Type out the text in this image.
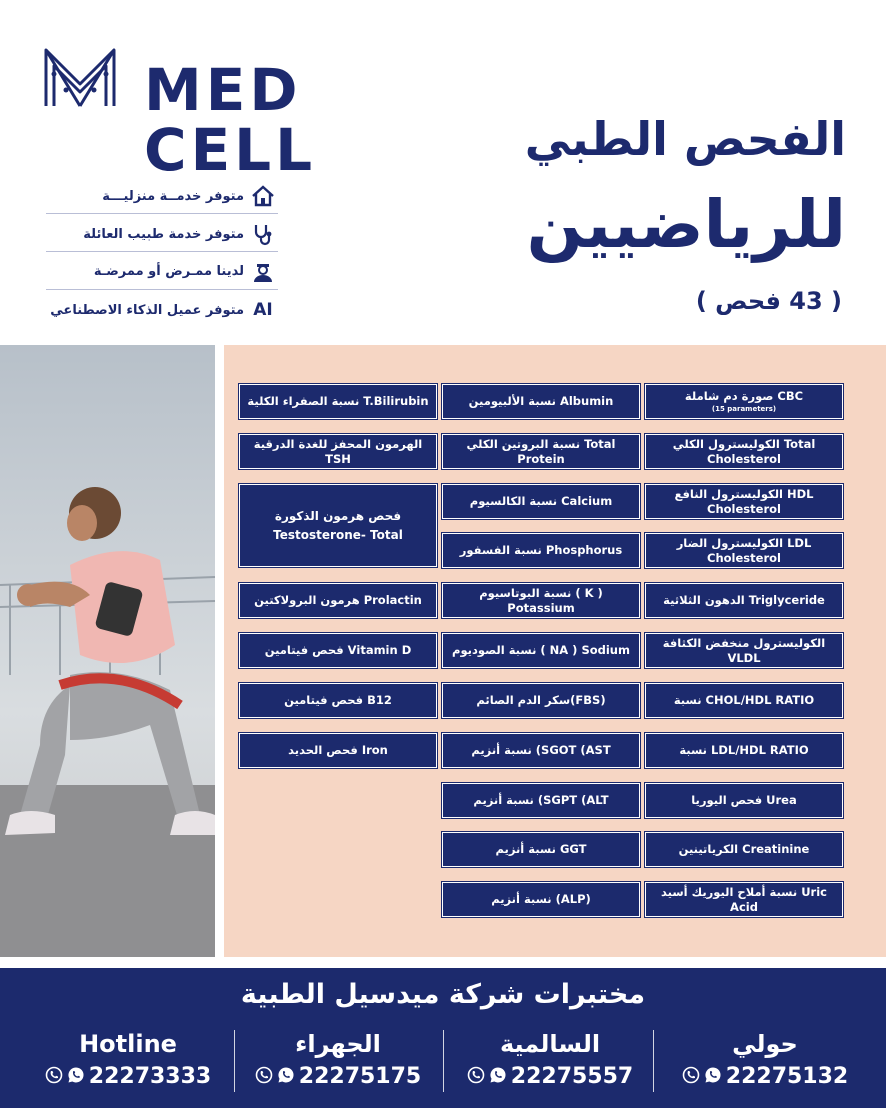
MED
CELL
متوفر خدمــة منزليـــة
متوفر خدمة طبيب العائلة
لدينا ممـرض أو ممرضـة
AI
متوفر عميل الذكاء الاصطناعي
الفحص الطبي
للرياضيين
( 43 فحص )
صورة دم شاملة CBC
(15 parameters)
الكوليسترول الكلي Total Cholesterol
الكوليسترول النافع HDL Cholesterol
الكوليسترول الضار LDL Cholesterol
الدهون الثلاثية Triglyceride
الكوليسترول منخفض الكثافة VLDL
نسبة CHOL/HDL RATIO
نسبة LDL/HDL RATIO
فحص اليوريا Urea
الكرياتينين Creatinine
نسبة أملاح اليوريك أسيد Uric Acid
نسبة الألبيومين Albumin
نسبة البروتين الكلي Total Protein
نسبة الكالسيوم Calcium
نسبة الفسفور Phosphorus
نسبة البوتاسيوم ( K ) Potassium
نسبة الصوديوم ( NA ) Sodium
سكر الدم الصائم(FBS)
نسبة أنزيم (SGOT (AST
نسبة أنزيم (SGPT (ALT
نسبة أنزيم GGT
نسبة أنزيم (ALP)
نسبة الصفراء الكلية T.Bilirubin
الهرمون المحفز للغدة الدرقية TSH
فحص هرمون الذكورة
Testosterone- Total
هرمون البرولاكتين Prolactin
فحص فيتامين Vitamin D
فحص فيتامين B12
فحص الحديد Iron
مختبرات شركة ميدسيل الطبية
حولي
22275132
السالمية
22275557
الجهراء
22275175
Hotline
22273333
